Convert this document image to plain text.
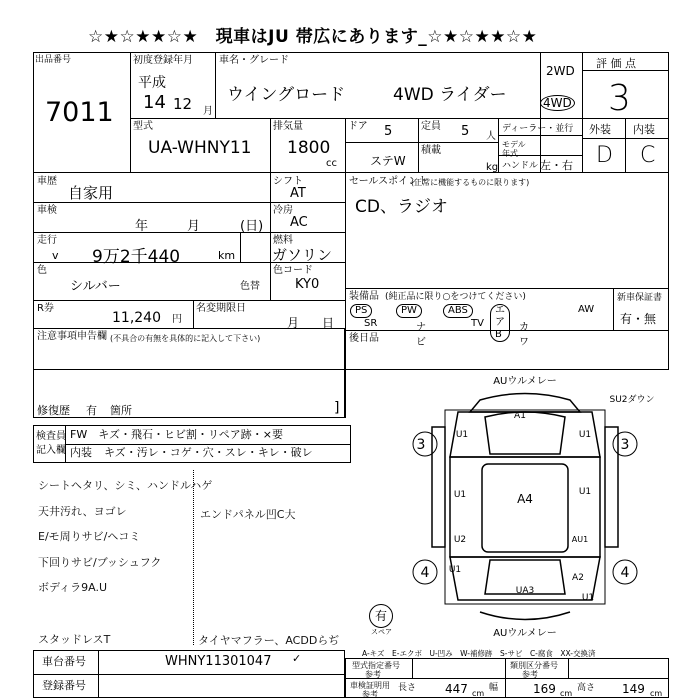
☆★☆★★☆★　現車はJU 帯広にあります_☆★☆★★☆★
出品番号
7011
初度登録年月
平成
14 12 月
車名・グレード
ウイングロード	4WD ライダー
2WD
4WD
評 価 点
3
型式
UA-WHNY11
排気量
1800
cc
ドア 5
ステW
定員 5 人
積載
kg
ディーラー・並行
モデル年式
ハンドル 左・右
外装 内装
D C
車歴
自家用
車検
年	月	(日)
走行
v 9万2千440	km
色
シルバー	色替
シフト
AT
冷房
AC
燃料
ガソリン
色コード
KY0
セールスポイント
(正常に機能するものに限ります)
CD、ラジオ
R券
11,240 円
名変期限日
月 日
装備品 (純正品に限り○をつけてください)
PS	PW	ABS	エアB
AW
SR	ナビ
TV	カワ
新車保証書
有・無
後日品
注意事項申告欄 (不具合の有無を具体的に記入して下さい)
修復歴 有 箇所	]
検査員
記入欄
FW　キズ・飛石・ヒビ割・リペア跡・×要
内装 キズ・汚レ・コゲ・穴・スレ・キレ・破レ
シートヘタリ、シミ、ハンドルハゲ
天井汚れ、ヨゴレ
E/モ周りサビ/ヘコミ
下回りサビ/ブッシュフク
ボディラ9A.U
スタッドレスT
エンドパネル凹C大
タイヤマフラー、ACDDらぢ
3	3
4	4
AUウルメレー
A1
A4
UA3
AUウルメレー
U1	U1
U1	U1
U2	AU1
SU2ダウン
U1
A2
U1
有
スペア
A-キズ　E-エクボ　U-凹み　W-補修跡　S-サビ　C-腐食　XX-交換済
車台番号	WHNY11301047 ✓
登録番号
型式指定番号
参考
類別区分番号
参考
車検証明用
参考
長さ 447 cm
幅	169 cm
高さ 149 cm
